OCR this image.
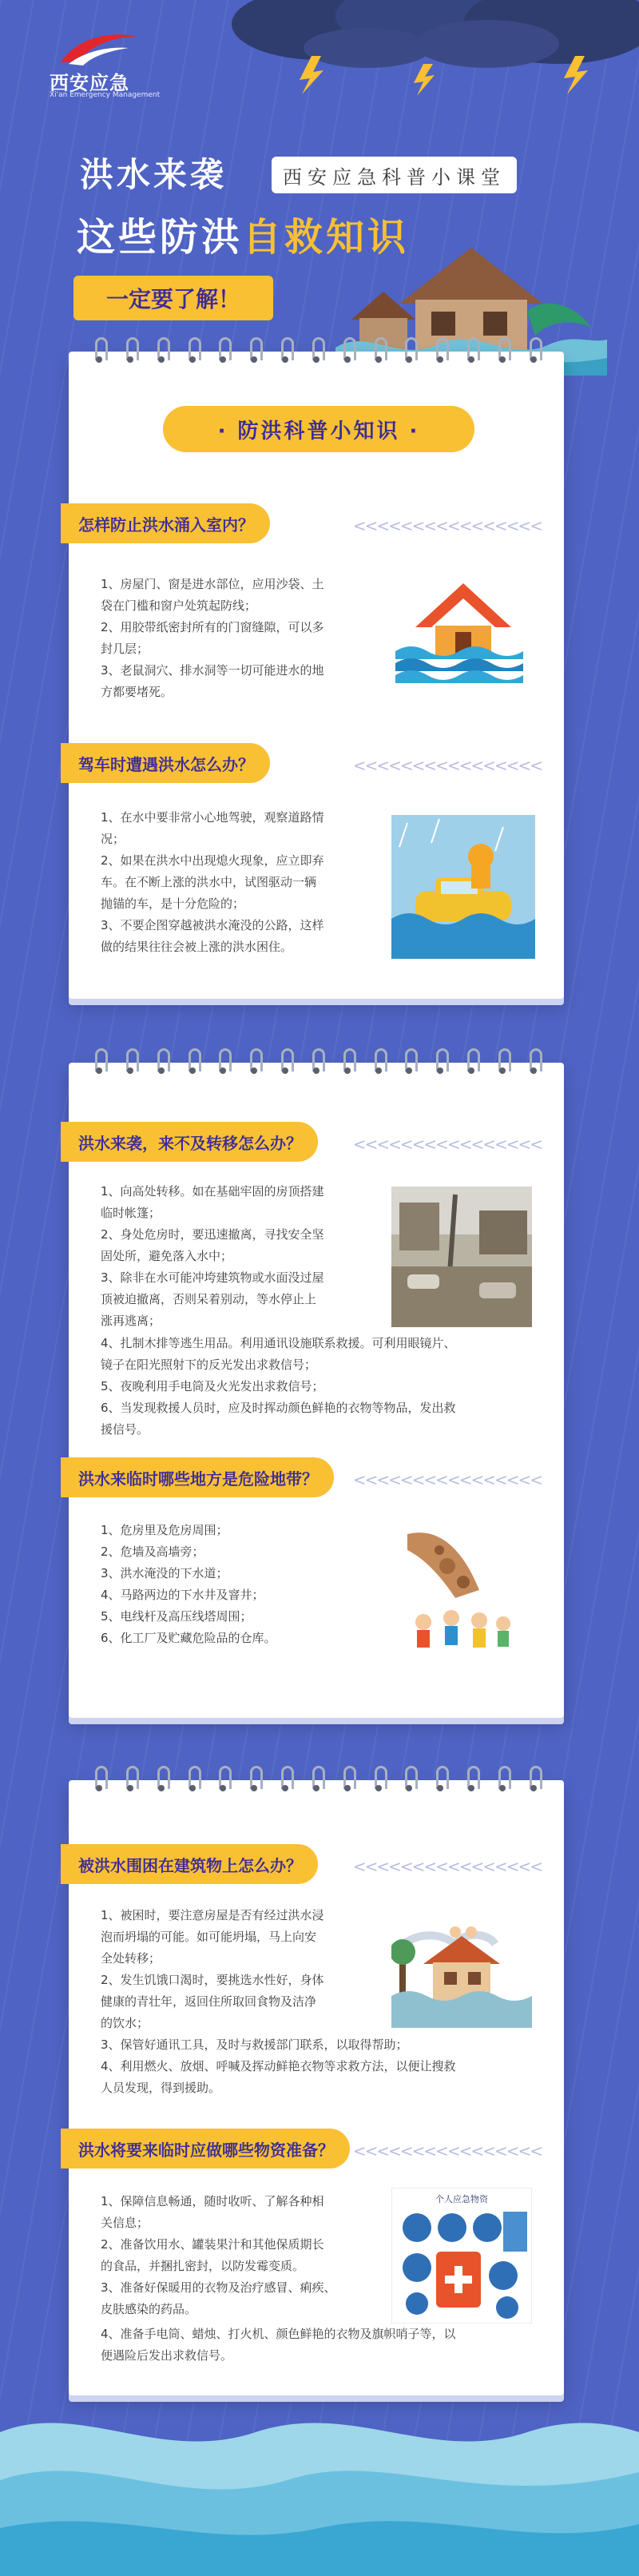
西安应急
Xi'an Emergency Management
洪水来袭	西 安 应 急 科 普 小 课 堂
这些防洪自救知识
一定要了解！
· 防洪科普小知识 ·
怎样防止洪水涌入室内？	<<<<<<<<<<<<<<<<

1、房屋门、窗是进水部位，应用沙袋、土

袋在门槛和窗户处筑起防线；

2、用胶带纸密封所有的门窗缝隙，可以多

封几层；

3、老鼠洞穴、排水洞等一切可能进水的地

方都要堵死。

驾车时遭遇洪水怎么办？	<<<<<<<<<<<<<<<<

1、在水中要非常小心地驾驶，观察道路情

况；

2、如果在洪水中出现熄火现象，应立即弃

车。在不断上涨的洪水中，试图驱动一辆

抛锚的车，是十分危险的；

3、不要企图穿越被洪水淹没的公路，这样

做的结果往往会被上涨的洪水困住。

洪水来袭，来不及转移怎么办？	<<<<<<<<<<<<<<<<

1、向高处转移。如在基础牢固的房顶搭建

临时帐篷；

2、身处危房时，要迅速撤离，寻找安全坚

固处所，避免落入水中；

3、除非在水可能冲垮建筑物或水面没过屋

顶被迫撤离，否则呆着别动，等水停止上

涨再逃离；

4、扎制木排等逃生用品。利用通讯设施联系救援。可利用眼镜片、

镜子在阳光照射下的反光发出求救信号；

5、夜晚利用手电筒及火光发出求救信号；

6、当发现救援人员时，应及时挥动颜色鲜艳的衣物等物品，发出救

援信号。

洪水来临时哪些地方是危险地带？	<<<<<<<<<<<<<<<<

1、危房里及危房周围；

2、危墙及高墙旁；

3、洪水淹没的下水道；

4、马路两边的下水井及窨井；

5、电线杆及高压线塔周围；

6、化工厂及贮藏危险品的仓库。

被洪水围困在建筑物上怎么办？	<<<<<<<<<<<<<<<<

1、被困时，要注意房屋是否有经过洪水浸

泡而坍塌的可能。如可能坍塌，马上向安

全处转移；

2、发生饥饿口渴时，要挑选水性好，身体

健康的青壮年，返回住所取回食物及洁净

的饮水；

3、保管好通讯工具，及时与救援部门联系，以取得帮助；

4、利用燃火、放烟、呼喊及挥动鲜艳衣物等求救方法，以便让搜救

人员发现，得到援助。

洪水将要来临时应做哪些物资准备？	<<<<<<<<<<<<<<<<

1、保障信息畅通，随时收听、了解各种相

关信息；

2、准备饮用水、罐装果汁和其他保质期长

的食品，并捆扎密封，以防发霉变质。

3、准备好保暖用的衣物及治疗感冒、痢疾、

皮肤感染的药品。

个人应急物资

4、准备手电筒、蜡烛、打火机、颜色鲜艳的衣物及旗帜哨子等，以

便遇险后发出求救信号。
